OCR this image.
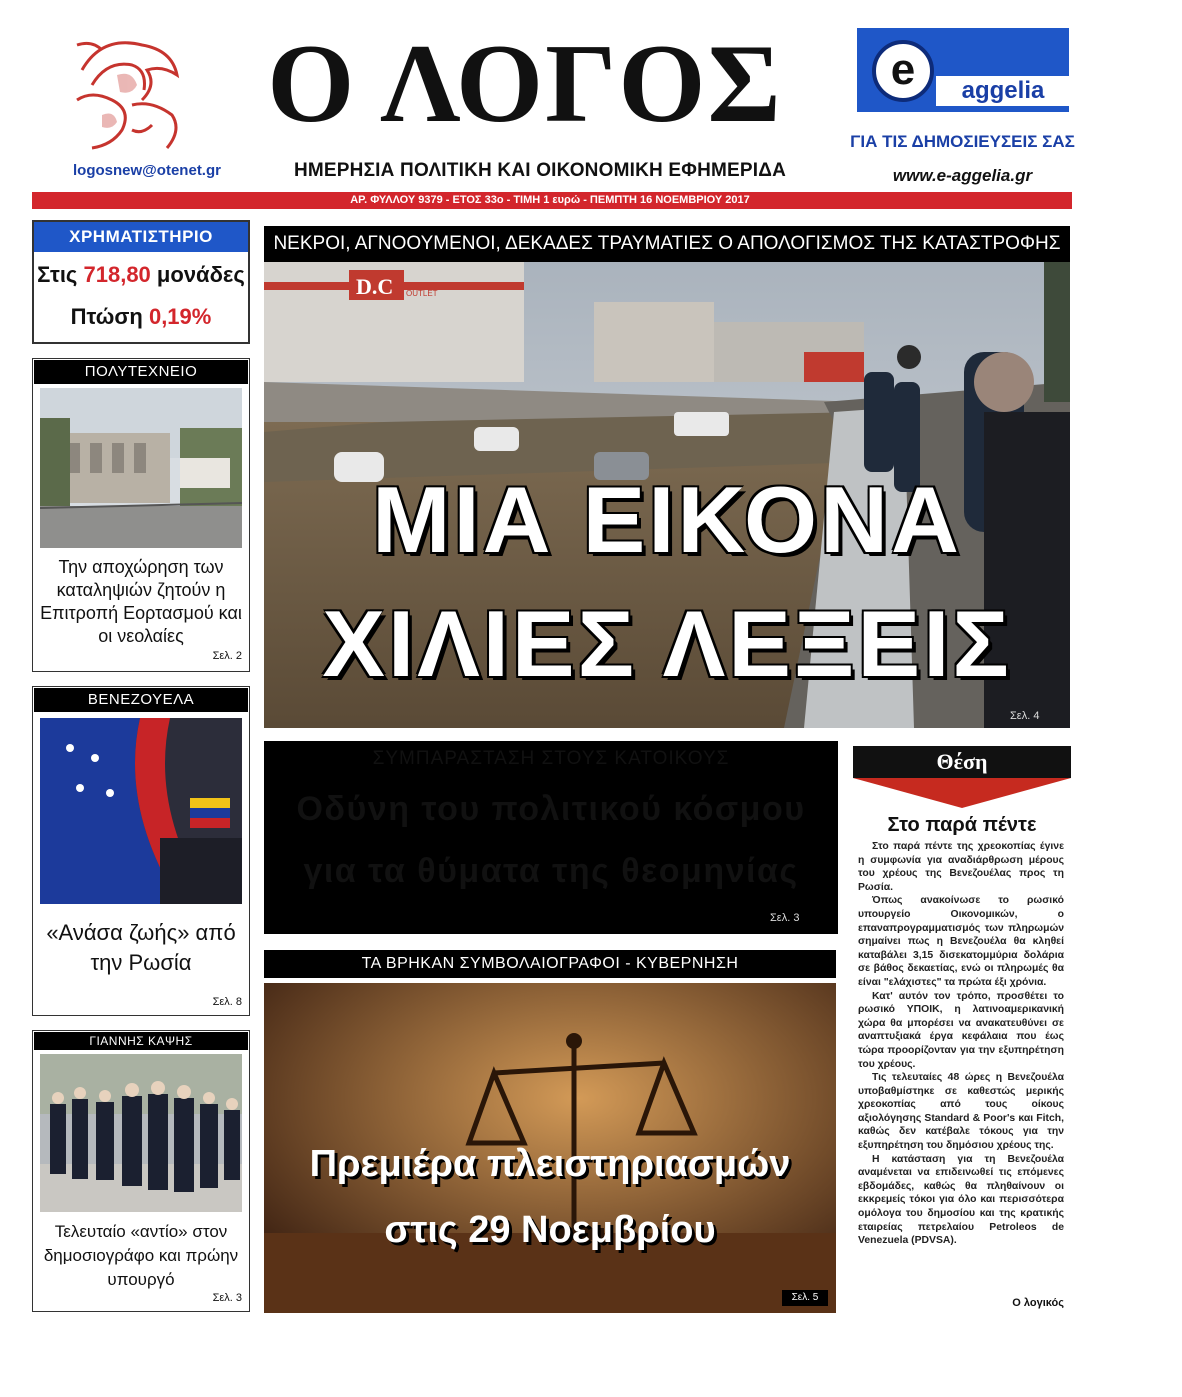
logosnew@otenet.gr
Ο ΛΟΓΟΣ
ΗΜΕΡΗΣΙΑ ΠΟΛΙΤΙΚΗ ΚΑΙ ΟΙΚΟΝΟΜΙΚΗ ΕΦΗΜΕΡΙΔΑ
e	aggelia
ΓΙΑ ΤΙΣ ΔΗΜΟΣΙΕΥΣΕΙΣ ΣΑΣ
www.e-aggelia.gr
ΑΡ. ΦΥΛΛΟΥ 9379 - ΕΤΟΣ 33ο - ΤΙΜΗ 1 ευρώ - ΠΕΜΠΤΗ 16 ΝΟΕΜΒΡΙΟΥ 2017
ΧΡΗΜΑΤΙΣΤΗΡΙΟ
Στις 718,80 μονάδες
Πτώση 0,19%
ΠΟΛΥΤΕΧΝΕΙΟ
Την αποχώρηση των καταληψιών ζητούν η Επιτροπή Εορτασμού και οι νεολαίες
Σελ. 2
ΒΕΝΕΖΟΥΕΛΑ
«Ανάσα ζωής» από την Ρωσία
Σελ. 8
ΓΙΑΝΝΗΣ ΚΑΨΗΣ
Τελευταίο «αντίο» στον δημοσιογράφο και πρώην υπουργό
Σελ. 3
ΝΕΚΡΟΙ, ΑΓΝΟΟΥΜΕΝΟΙ, ΔΕΚΑΔΕΣ ΤΡΑΥΜΑΤΙΕΣ Ο ΑΠΟΛΟΓΙΣΜΟΣ ΤΗΣ ΚΑΤΑΣΤΡΟΦΗΣ
D.C OUTLET
ΜΙΑ ΕΙΚΟΝΑ
ΧΙΛΙΕΣ ΛΕΞΕΙΣ
Σελ. 4
ΣΥΜΠΑΡΑΣΤΑΣΗ ΣΤΟΥΣ ΚΑΤΟΙΚΟΥΣ
Οδύνη του πολιτικού κόσμου
για τα θύματα της θεομηνίας
Σελ. 3
ΤΑ ΒΡΗΚΑΝ ΣΥΜΒΟΛΑΙΟΓΡΑΦΟΙ - ΚΥΒΕΡΝΗΣΗ
Πρεμιέρα πλειστηριασμών
στις 29 Νοεμβρίου
Σελ. 5
Θέση
Στο παρά πέντε

Στο παρά πέντε της χρεοκοπίας έγινε η συμφωνία για αναδιάρθρωση μέρους του χρέους της Βενεζουέλας προς τη Ρωσία.

Όπως ανακοίνωσε το ρωσικό υπουργείο Οικονομικών, ο επαναπρογραμματισμός των πληρωμών σημαίνει πως η Βενεζουέλα θα κληθεί καταβάλει 3,15 δισεκατομμύρια δολάρια σε βάθος δεκαετίας, ενώ οι πληρωμές θα είναι "ελάχιστες" τα πρώτα έξι χρόνια.

Κατ' αυτόν τον τρόπο, προσθέτει το ρωσικό ΥΠΟΙΚ, η λατινοαμερικανική χώρα θα μπορέσει να ανακατευθύνει σε αναπτυξιακά έργα κεφάλαια που έως τώρα προορίζονταν για την εξυπηρέτηση του χρέους.

Τις τελευταίες 48 ώρες η Βενεζουέλα υποβαθμίστηκε σε καθεστώς μερικής χρεοκοπίας από τους οίκους αξιολόγησης Standard & Poor's και Fitch, καθώς δεν κατέβαλε τόκους για την εξυπηρέτηση του δημόσιου χρέους της.

Η κατάσταση για τη Βενεζουέλα αναμένεται να επιδεινωθεί τις επόμενες εβδομάδες, καθώς θα πληθαίνουν οι εκκρεμείς τόκοι για όλο και περισσότερα ομόλογα του δημοσίου και της κρατικής εταιρείας πετρελαίου Petroleos de Venezuela (PDVSA).

Ο λογικός
